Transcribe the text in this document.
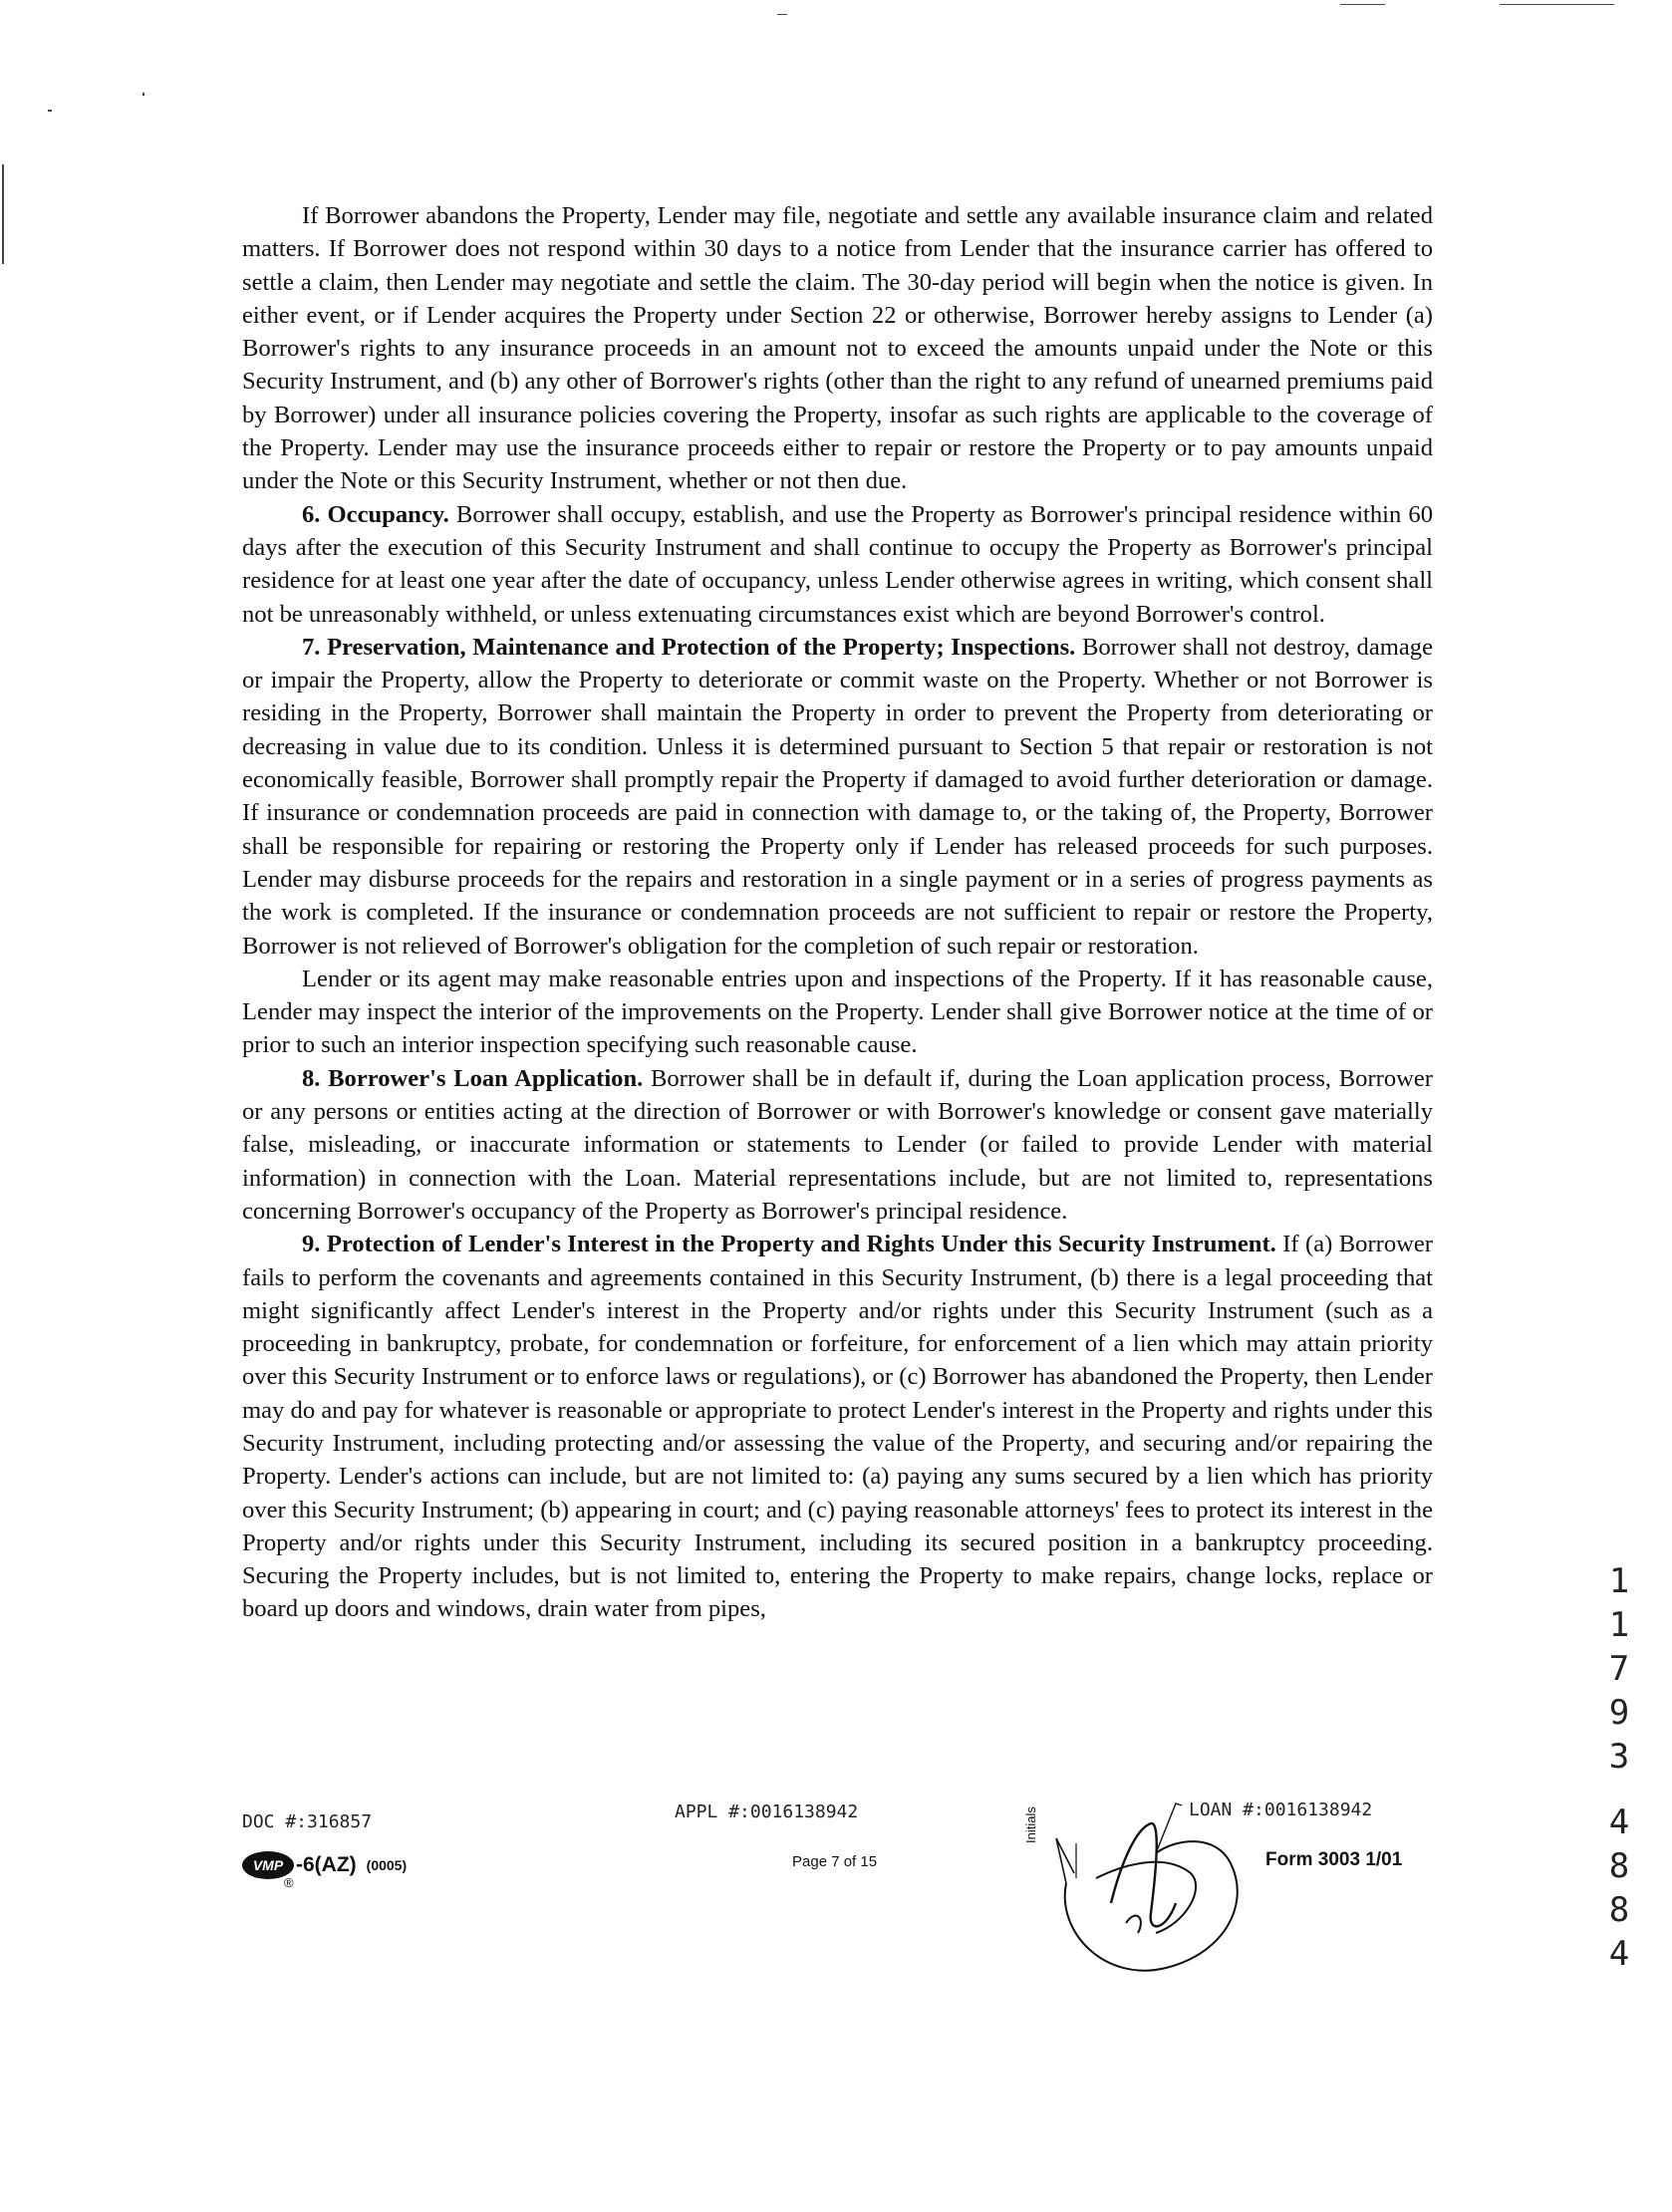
If Borrower abandons the Property, Lender may file, negotiate and settle any available insurance claim and related matters. If Borrower does not respond within 30 days to a notice from Lender that the insurance carrier has offered to settle a claim, then Lender may negotiate and settle the claim. The 30-day period will begin when the notice is given. In either event, or if Lender acquires the Property under Section 22 or otherwise, Borrower hereby assigns to Lender (a) Borrower's rights to any insurance proceeds in an amount not to exceed the amounts unpaid under the Note or this Security Instrument, and (b) any other of Borrower's rights (other than the right to any refund of unearned premiums paid by Borrower) under all insurance policies covering the Property, insofar as such rights are applicable to the coverage of the Property. Lender may use the insurance proceeds either to repair or restore the Property or to pay amounts unpaid under the Note or this Security Instrument, whether or not then due.

6. Occupancy. Borrower shall occupy, establish, and use the Property as Borrower's principal residence within 60 days after the execution of this Security Instrument and shall continue to occupy the Property as Borrower's principal residence for at least one year after the date of occupancy, unless Lender otherwise agrees in writing, which consent shall not be unreasonably withheld, or unless extenuating circumstances exist which are beyond Borrower's control.

7. Preservation, Maintenance and Protection of the Property; Inspections. Borrower shall not destroy, damage or impair the Property, allow the Property to deteriorate or commit waste on the Property. Whether or not Borrower is residing in the Property, Borrower shall maintain the Property in order to prevent the Property from deteriorating or decreasing in value due to its condition. Unless it is determined pursuant to Section 5 that repair or restoration is not economically feasible, Borrower shall promptly repair the Property if damaged to avoid further deterioration or damage. If insurance or condemnation proceeds are paid in connection with damage to, or the taking of, the Property, Borrower shall be responsible for repairing or restoring the Property only if Lender has released proceeds for such purposes. Lender may disburse proceeds for the repairs and restoration in a single payment or in a series of progress payments as the work is completed. If the insurance or condemnation proceeds are not sufficient to repair or restore the Property, Borrower is not relieved of Borrower's obligation for the completion of such repair or restoration.

Lender or its agent may make reasonable entries upon and inspections of the Property. If it has reasonable cause, Lender may inspect the interior of the improvements on the Property. Lender shall give Borrower notice at the time of or prior to such an interior inspection specifying such reasonable cause.

8. Borrower's Loan Application. Borrower shall be in default if, during the Loan application process, Borrower or any persons or entities acting at the direction of Borrower or with Borrower's knowledge or consent gave materially false, misleading, or inaccurate information or statements to Lender (or failed to provide Lender with material information) in connection with the Loan. Material representations include, but are not limited to, representations concerning Borrower's occupancy of the Property as Borrower's principal residence.

9. Protection of Lender's Interest in the Property and Rights Under this Security Instrument. If (a) Borrower fails to perform the covenants and agreements contained in this Security Instrument, (b) there is a legal proceeding that might significantly affect Lender's interest in the Property and/or rights under this Security Instrument (such as a proceeding in bankruptcy, probate, for condemnation or forfeiture, for enforcement of a lien which may attain priority over this Security Instrument or to enforce laws or regulations), or (c) Borrower has abandoned the Property, then Lender may do and pay for whatever is reasonable or appropriate to protect Lender's interest in the Property and rights under this Security Instrument, including protecting and/or assessing the value of the Property, and securing and/or repairing the Property. Lender's actions can include, but are not limited to: (a) paying any sums secured by a lien which has priority over this Security Instrument; (b) appearing in court; and (c) paying reasonable attorneys' fees to protect its interest in the Property and/or rights under this Security Instrument, including its secured position in a bankruptcy proceeding. Securing the Property includes, but is not limited to, entering the Property to make repairs, change locks, replace or board up doors and windows, drain water from pipes,

1
1
7
9
3
4
8
8
4
DOC #:316857	APPL #:0016138942	LOAN #:0016138942
VMP -6(AZ) (0005)
®
Page 7 of 15	Form 3003 1/01
Initials
